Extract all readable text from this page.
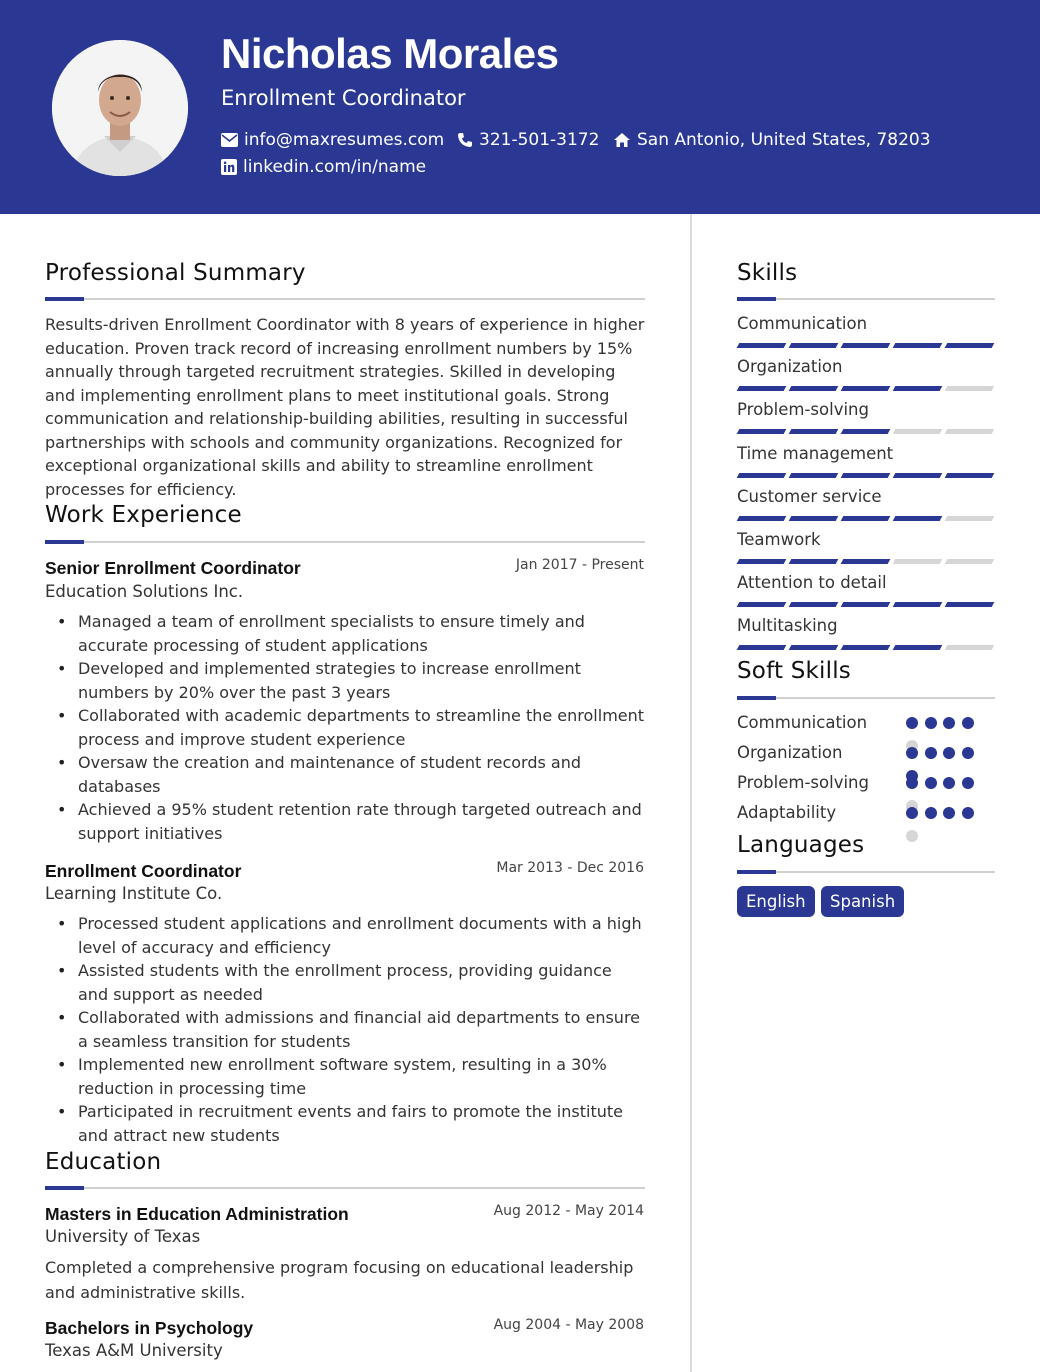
Nicholas Morales
Enrollment Coordinator
info@maxresumes.com 321-501-3172 San Antonio, United States, 78203
linkedin.com/in/name
Professional Summary
Results-driven Enrollment Coordinator with 8 years of experience in higher education. Proven track record of increasing enrollment numbers by 15% annually through targeted recruitment strategies. Skilled in developing and implementing enrollment plans to meet institutional goals. Strong communication and relationship-building abilities, resulting in successful partnerships with schools and community organizations. Recognized for exceptional organizational skills and ability to streamline enrollment processes for efficiency.
Work Experience
Senior Enrollment Coordinator	Jan 2017 - Present
Education Solutions Inc.
• Managed a team of enrollment specialists to ensure timely and accurate processing of student applications
• Developed and implemented strategies to increase enrollment numbers by 20% over the past 3 years
• Collaborated with academic departments to streamline the enrollment process and improve student experience
• Oversaw the creation and maintenance of student records and databases
• Achieved a 95% student retention rate through targeted outreach and support initiatives
Enrollment Coordinator	Mar 2013 - Dec 2016
Learning Institute Co.
• Processed student applications and enrollment documents with a high level of accuracy and efficiency
• Assisted students with the enrollment process, providing guidance and support as needed
• Collaborated with admissions and financial aid departments to ensure a seamless transition for students
• Implemented new enrollment software system, resulting in a 30% reduction in processing time
• Participated in recruitment events and fairs to promote the institute and attract new students
Education
Masters in Education Administration	Aug 2012 - May 2014
University of Texas
Completed a comprehensive program focusing on educational leadership and administrative skills.
Bachelors in Psychology	Aug 2004 - May 2008
Texas A&M University
Skills
Communication
Organization
Problem-solving
Time management
Customer service
Teamwork
Attention to detail
Multitasking
Soft Skills
Communication
Organization
Problem-solving
Adaptability
Languages
English	Spanish
